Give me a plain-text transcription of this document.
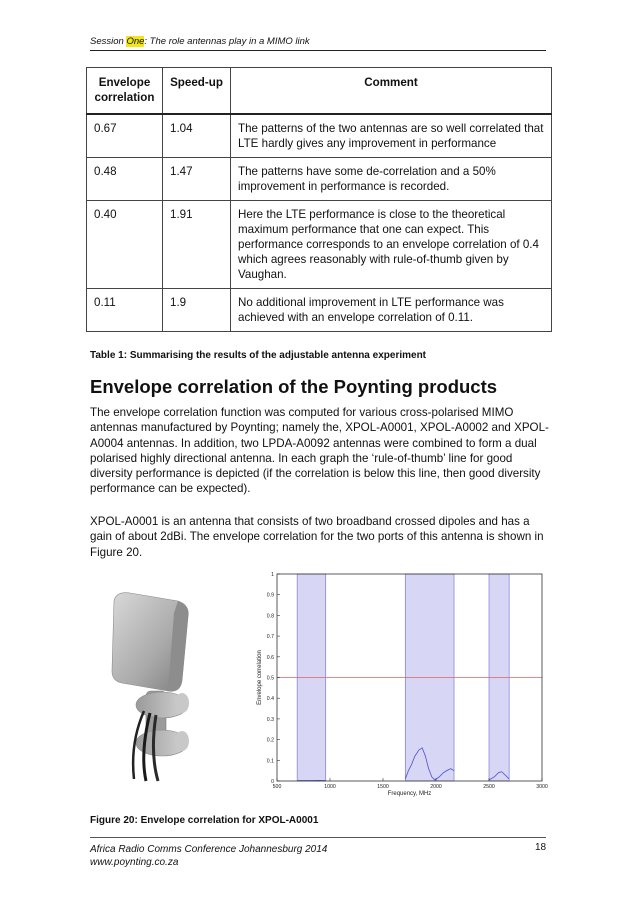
Session One: The role antennas play in a MIMO link
Envelope correlation	Speed-up	Comment
0.67	1.04	The patterns of the two antennas are so well correlated that LTE hardly gives any improvement in performance
0.48	1.47	The patterns have some de-correlation and a 50% improvement in performance is recorded.
0.40	1.91	Here the LTE performance is close to the theoretical maximum performance that one can expect. This performance corresponds to an envelope correlation of 0.4 which agrees reasonably with rule-of-thumb given by Vaughan.
0.11	1.9	No additional improvement in LTE performance was achieved with an envelope correlation of 0.11.
Table 1: Summarising the results of the adjustable antenna experiment
Envelope correlation of the Poynting products
The envelope correlation function was computed for various cross-polarised MIMO antennas manufactured by Poynting; namely the, XPOL-A0001, XPOL-A0002 and XPOL-A0004 antennas. In addition, two LPDA-A0092 antennas were combined to form a dual polarised highly directional antenna. In each graph the ‘rule-of-thumb’ line for good diversity performance is depicted (if the correlation is below this line, then good diversity performance can be expected).
XPOL-A0001 is an antenna that consists of two broadband crossed dipoles and has a gain of about 2dBi. The envelope correlation for the two ports of this antenna is shown in Figure 20.
0
0.1
0.2
0.3
0.4
0.5
0.6
0.7
0.8
0.9
1
500	1000	1500	2000	2500	3000
Frequency, MHz
Envelope correlation
Figure 20: Envelope correlation for XPOL-A0001
Africa Radio Comms Conference Johannesburg 2014
www.poynting.co.za
18
